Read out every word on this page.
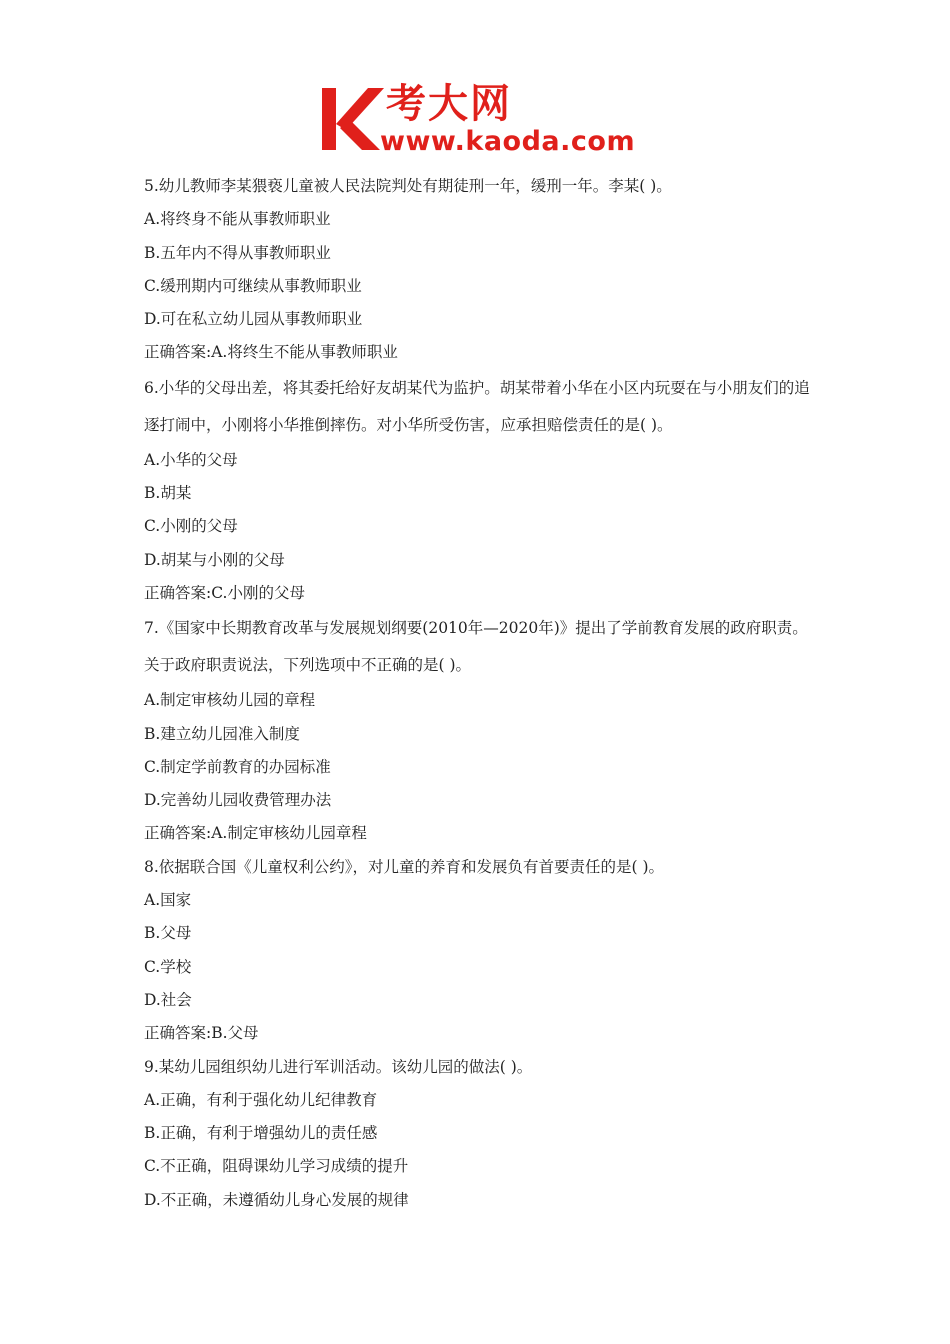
考大网
www.kaoda.com
5.幼儿教师李某猥亵儿童被人民法院判处有期徒刑一年，缓刑一年。李某( )。
A.将终身不能从事教师职业
B.五年内不得从事教师职业
C.缓刑期内可继续从事教师职业
D.可在私立幼儿园从事教师职业
正确答案:A.将终生不能从事教师职业
6.小华的父母出差，将其委托给好友胡某代为监护。胡某带着小华在小区内玩耍在与小朋友们的追逐打闹中，小刚将小华推倒摔伤。对小华所受伤害，应承担赔偿责任的是( )。
A.小华的父母
B.胡某
C.小刚的父母
D.胡某与小刚的父母
正确答案:C.小刚的父母
7.《国家中长期教育改革与发展规划纲要(2010年—2020年)》提出了学前教育发展的政府职责。关于政府职责说法，下列选项中不正确的是( )。
A.制定审核幼儿园的章程
B.建立幼儿园准入制度
C.制定学前教育的办园标准
D.完善幼儿园收费管理办法
正确答案:A.制定审核幼儿园章程
8.依据联合国《儿童权利公约》，对儿童的养育和发展负有首要责任的是( )。
A.国家
B.父母
C.学校
D.社会
正确答案:B.父母
9.某幼儿园组织幼儿进行军训活动。该幼儿园的做法( )。
A.正确，有利于强化幼儿纪律教育
B.正确，有利于增强幼儿的责任感
C.不正确，阻碍课幼儿学习成绩的提升
D.不正确，未遵循幼儿身心发展的规律
